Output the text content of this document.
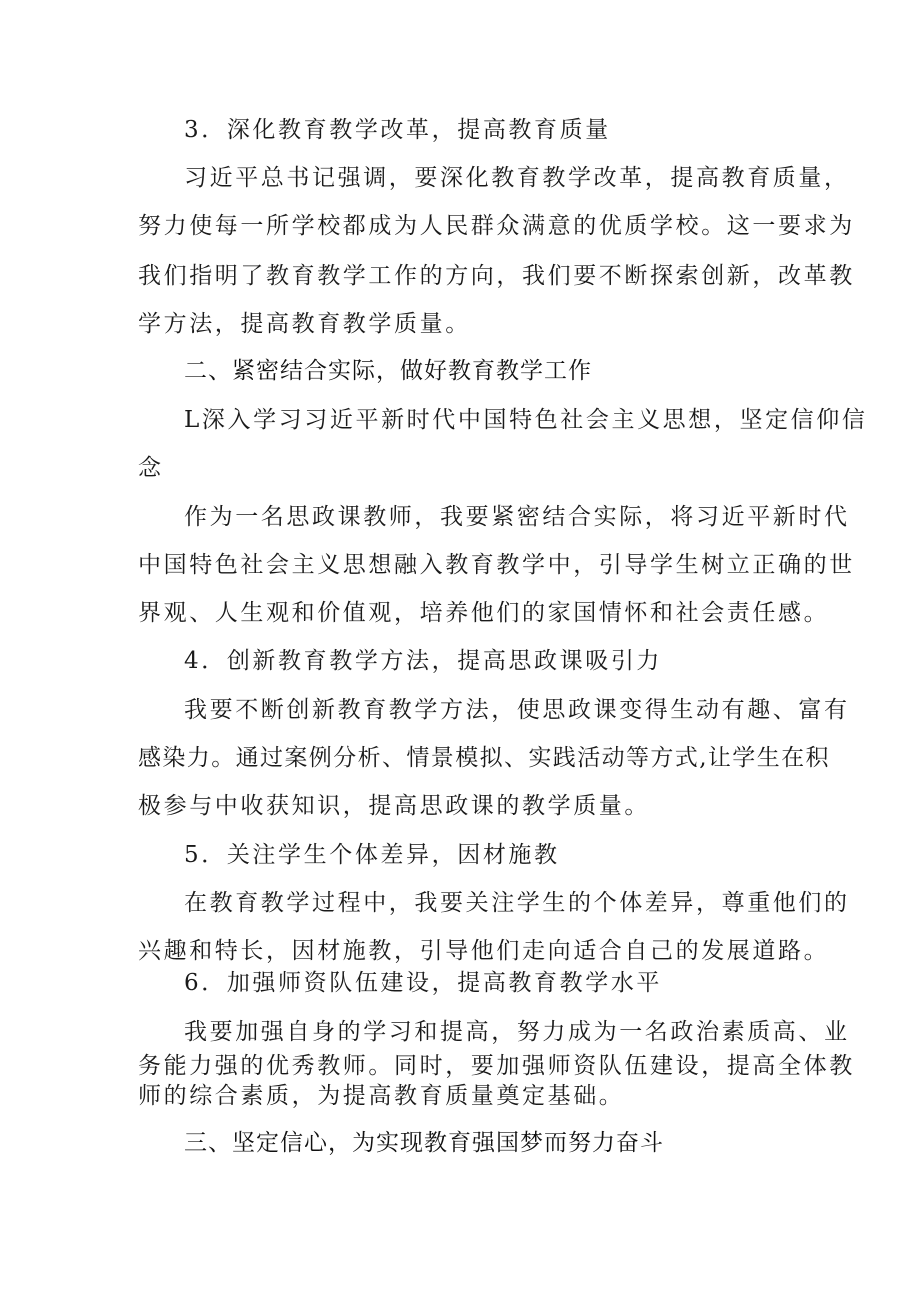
3．深化教育教学改革，提高教育质量
习近平总书记强调，要深化教育教学改革，提高教育质量，
努力使每一所学校都成为人民群众满意的优质学校。这一要求为
我们指明了教育教学工作的方向，我们要不断探索创新，改革教
学方法，提高教育教学质量。
二、紧密结合实际，做好教育教学工作
L深入学习习近平新时代中国特色社会主义思想，坚定信仰信
念
作为一名思政课教师，我要紧密结合实际，将习近平新时代
中国特色社会主义思想融入教育教学中，引导学生树立正确的世
界观、人生观和价值观，培养他们的家国情怀和社会责任感。
4．创新教育教学方法，提高思政课吸引力
我要不断创新教育教学方法，使思政课变得生动有趣、富有
感染力。通过案例分析、情景模拟、实践活动等方式,让学生在积
极参与中收获知识，提高思政课的教学质量。
5．关注学生个体差异，因材施教
在教育教学过程中，我要关注学生的个体差异，尊重他们的
兴趣和特长，因材施教，引导他们走向适合自己的发展道路。
6．加强师资队伍建设，提高教育教学水平
我要加强自身的学习和提高，努力成为一名政治素质高、业
务能力强的优秀教师。同时，要加强师资队伍建设，提高全体教
师的综合素质，为提高教育质量奠定基础。
三、坚定信心，为实现教育强国梦而努力奋斗
